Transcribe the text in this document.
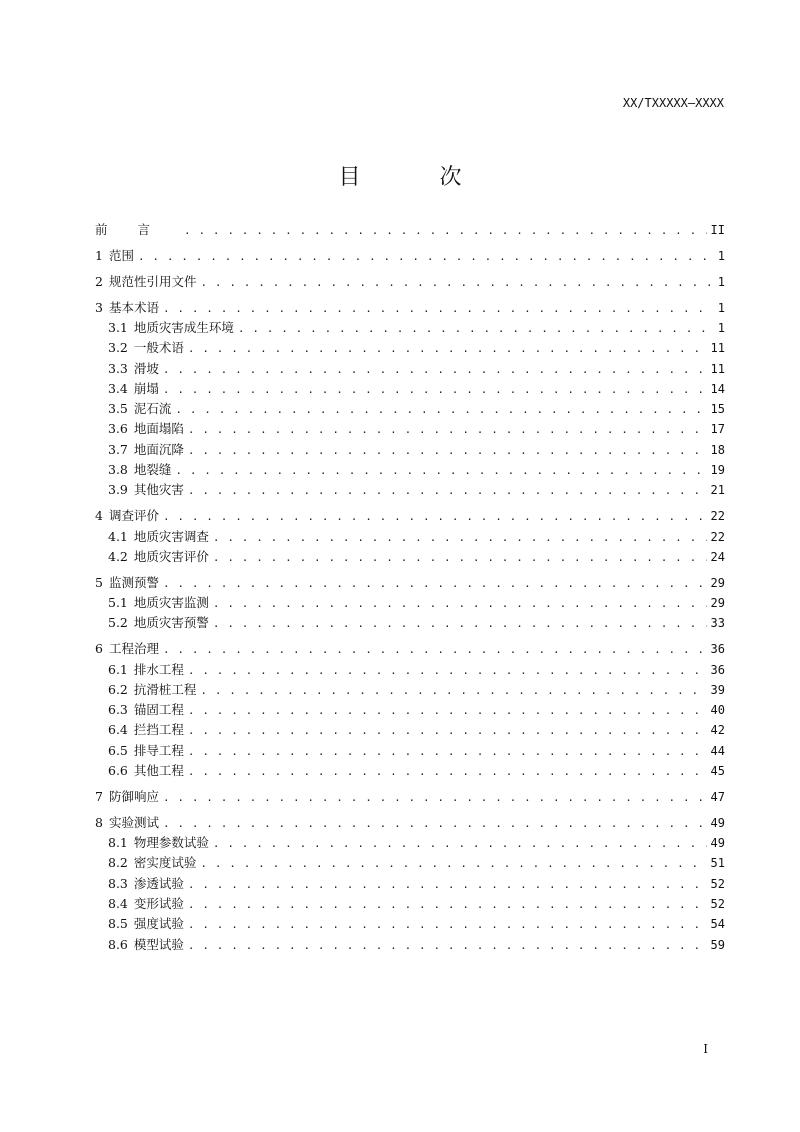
XX/TXXXXX—XXXX
目 次
前言 . . .	II
1 范围 . . .	1
2 规范性引用文件 . . .	1
3 基本术语 . . .	1
3.1 地质灾害成生环境 . . .	1
3.2 一般术语 . . .	11
3.3 滑坡 . . .	11
3.4 崩塌 . . .	14
3.5 泥石流 . . .	15
3.6 地面塌陷 . . .	17
3.7 地面沉降 . . .	18
3.8 地裂缝 . . .	19
3.9 其他灾害 . . .	21
4 调查评价 . . .	22
4.1 地质灾害调查 . . .	22
4.2 地质灾害评价 . . .	24
5 监测预警 . . .	29
5.1 地质灾害监测 . . .	29
5.2 地质灾害预警 . . .	33
6 工程治理 . . .	36
6.1 排水工程 . . .	36
6.2 抗滑桩工程 . . .	39
6.3 锚固工程 . . .	40
6.4 拦挡工程 . . .	42
6.5 排导工程 . . .	44
6.6 其他工程 . . .	45
7 防御响应 . . .	47
8 实验测试 . . .	49
8.1 物理参数试验 . . .	49
8.2 密实度试验 . . .	51
8.3 渗透试验 . . .	52
8.4 变形试验 . . .	52
8.5 强度试验 . . .	54
8.6 模型试验 . . .	59
I
